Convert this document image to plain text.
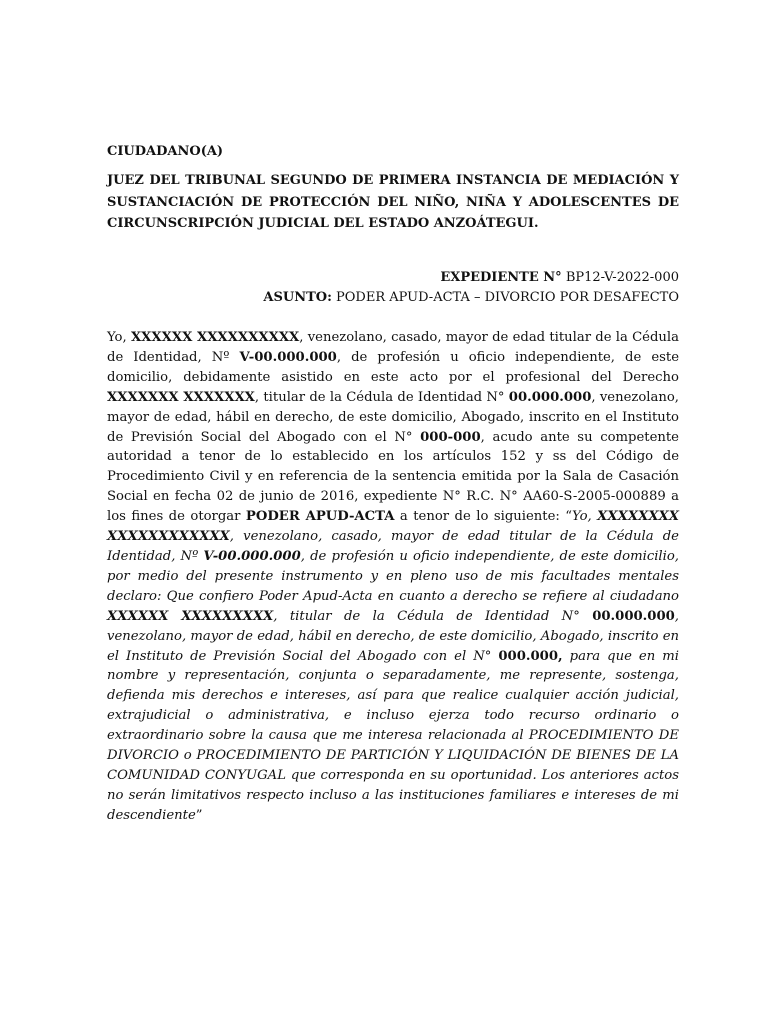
CIUDADANO(A)
JUEZ DEL TRIBUNAL SEGUNDO DE PRIMERA INSTANCIA DE MEDIACIÓN Y SUSTANCIACIÓN DE PROTECCIÓN DEL NIÑO, NIÑA Y ADOLESCENTES DE CIRCUNSCRIPCIÓN JUDICIAL DEL ESTADO ANZOÁTEGUI.
EXPEDIENTE N° BP12-V-2022-000
ASUNTO: PODER APUD-ACTA – DIVORCIO POR DESAFECTO
Yo, XXXXXX XXXXXXXXXX, venezolano, casado, mayor de edad titular de la Cédula de Identidad, Nº V-00.000.000, de profesión u oficio independiente, de este domicilio, debidamente asistido en este acto por el profesional del Derecho XXXXXXX XXXXXXX, titular de la Cédula de Identidad N° 00.000.000, venezolano, mayor de edad, hábil en derecho, de este domicilio, Abogado, inscrito en el Instituto de Previsión Social del Abogado con el N° 000-000, acudo ante su competente autoridad a tenor de lo establecido en los artículos 152 y ss del Código de Procedimiento Civil y en referencia de la sentencia emitida por la Sala de Casación Social en fecha 02 de junio de 2016, expediente N° R.C. N° AA60-S-2005-000889 a los fines de otorgar PODER APUD-ACTA a tenor de lo siguiente: “Yo, XXXXXXXX XXXXXXXXXXXX, venezolano, casado, mayor de edad titular de la Cédula de Identidad, Nº V-00.000.000, de profesión u oficio independiente, de este domicilio, por medio del presente instrumento y en pleno uso de mis facultades mentales declaro: Que confiero Poder Apud-Acta en cuanto a derecho se refiere al ciudadano XXXXXX XXXXXXXXX, titular de la Cédula de Identidad N° 00.000.000, venezolano, mayor de edad, hábil en derecho, de este domicilio, Abogado, inscrito en el Instituto de Previsión Social del Abogado con el N° 000.000, para que en mi nombre y representación, conjunta o separadamente, me represente, sostenga, defienda mis derechos e intereses, así para que realice cualquier acción judicial, extrajudicial o administrativa, e incluso ejerza todo recurso ordinario o extraordinario sobre la causa que me interesa relacionada al PROCEDIMIENTO DE DIVORCIO o PROCEDIMIENTO DE PARTICIÓN Y LIQUIDACIÓN DE BIENES DE LA COMUNIDAD CONYUGAL que corresponda en su oportunidad. Los anteriores actos no serán limitativos respecto incluso a las instituciones familiares e intereses de mi descendiente”
